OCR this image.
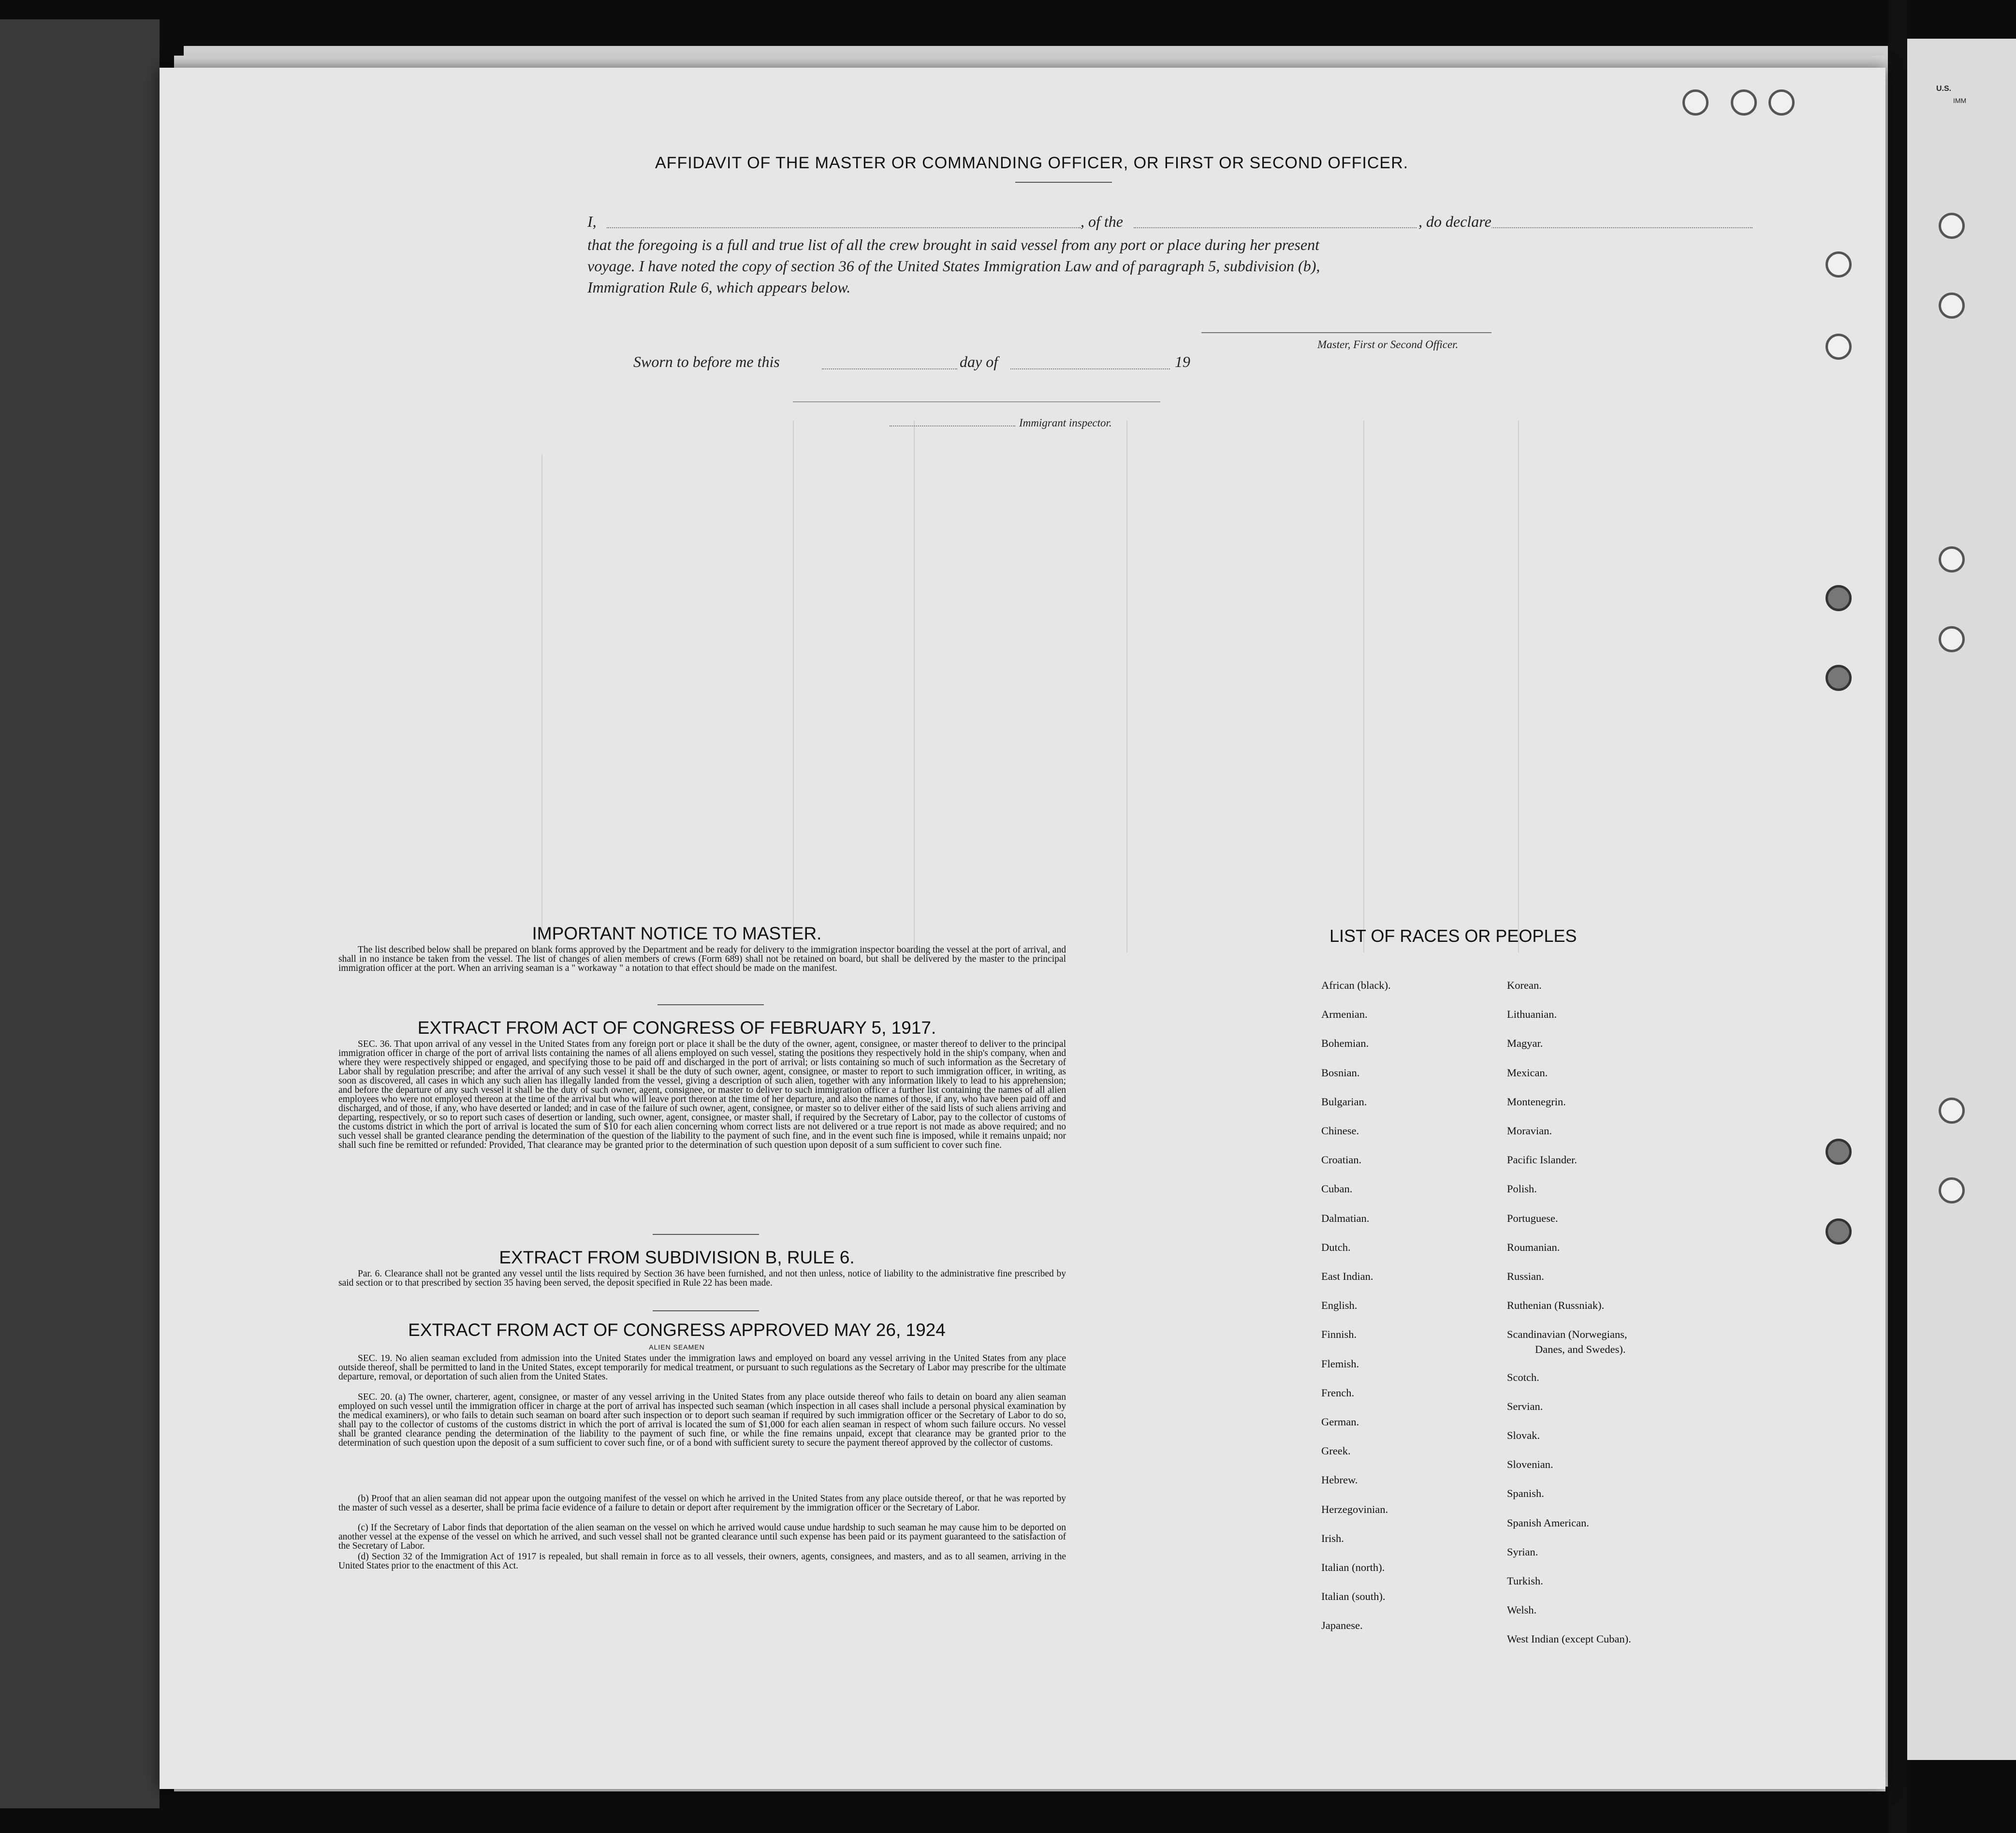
U.S.
IMM
AFFIDAVIT OF THE MASTER OR COMMANDING OFFICER, OR FIRST OR SECOND OFFICER.
I,	, of the	, do declare
that the foregoing is a full and true list of all the crew brought in said vessel from any port or place during her present
voyage. I have noted the copy of section 36 of the United States Immigration Law and of paragraph 5, subdivision (b),
Immigration Rule 6, which appears below.
Master, First or Second Officer.
Sworn to before me this	day of	19
Immigrant inspector.
IMPORTANT NOTICE TO MASTER.
The list described below shall be prepared on blank forms approved by the Department and be ready for delivery to the immigration inspector boarding the vessel at the port of arrival, and shall in no instance be taken from the vessel. The list of changes of alien members of crews (Form 689) shall not be retained on board, but shall be delivered by the master to the principal immigration officer at the port. When an arriving seaman is a " workaway " a notation to that effect should be made on the manifest.
EXTRACT FROM ACT OF CONGRESS OF FEBRUARY 5, 1917.
SEC. 36. That upon arrival of any vessel in the United States from any foreign port or place it shall be the duty of the owner, agent, consignee, or master thereof to deliver to the principal immigration officer in charge of the port of arrival lists containing the names of all aliens employed on such vessel, stating the positions they respectively hold in the ship's company, when and where they were respectively shipped or engaged, and specifying those to be paid off and discharged in the port of arrival; or lists containing so much of such information as the Secretary of Labor shall by regulation prescribe; and after the arrival of any such vessel it shall be the duty of such owner, agent, consignee, or master to report to such immigration officer, in writing, as soon as discovered, all cases in which any such alien has illegally landed from the vessel, giving a description of such alien, together with any information likely to lead to his apprehension; and before the departure of any such vessel it shall be the duty of such owner, agent, consignee, or master to deliver to such immigration officer a further list containing the names of all alien employees who were not employed thereon at the time of the arrival but who will leave port thereon at the time of her departure, and also the names of those, if any, who have been paid off and discharged, and of those, if any, who have deserted or landed; and in case of the failure of such owner, agent, consignee, or master so to deliver either of the said lists of such aliens arriving and departing, respectively, or so to report such cases of desertion or landing, such owner, agent, consignee, or master shall, if required by the Secretary of Labor, pay to the collector of customs of the customs district in which the port of arrival is located the sum of $10 for each alien concerning whom correct lists are not delivered or a true report is not made as above required; and no such vessel shall be granted clearance pending the determination of the question of the liability to the payment of such fine, and in the event such fine is imposed, while it remains unpaid; nor shall such fine be remitted or refunded: Provided, That clearance may be granted prior to the determination of such question upon deposit of a sum sufficient to cover such fine.
EXTRACT FROM SUBDIVISION B, RULE 6.
Par. 6. Clearance shall not be granted any vessel until the lists required by Section 36 have been furnished, and not then unless, notice of liability to the administrative fine prescribed by said section or to that prescribed by section 35 having been served, the deposit specified in Rule 22 has been made.
EXTRACT FROM ACT OF CONGRESS APPROVED MAY 26, 1924
ALIEN SEAMEN
SEC. 19. No alien seaman excluded from admission into the United States under the immigration laws and employed on board any vessel arriving in the United States from any place outside thereof, shall be permitted to land in the United States, except temporarily for medical treatment, or pursuant to such regulations as the Secretary of Labor may prescribe for the ultimate departure, removal, or deportation of such alien from the United States.
SEC. 20. (a) The owner, charterer, agent, consignee, or master of any vessel arriving in the United States from any place outside thereof who fails to detain on board any alien seaman employed on such vessel until the immigration officer in charge at the port of arrival has inspected such seaman (which inspection in all cases shall include a personal physical examination by the medical examiners), or who fails to detain such seaman on board after such inspection or to deport such seaman if required by such immigration officer or the Secretary of Labor to do so, shall pay to the collector of customs of the customs district in which the port of arrival is located the sum of $1,000 for each alien seaman in respect of whom such failure occurs. No vessel shall be granted clearance pending the determination of the liability to the payment of such fine, or while the fine remains unpaid, except that clearance may be granted prior to the determination of such question upon the deposit of a sum sufficient to cover such fine, or of a bond with sufficient surety to secure the payment thereof approved by the collector of customs.
(b) Proof that an alien seaman did not appear upon the outgoing manifest of the vessel on which he arrived in the United States from any place outside thereof, or that he was reported by the master of such vessel as a deserter, shall be prima facie evidence of a failure to detain or deport after requirement by the immigration officer or the Secretary of Labor.
(c) If the Secretary of Labor finds that deportation of the alien seaman on the vessel on which he arrived would cause undue hardship to such seaman he may cause him to be deported on another vessel at the expense of the vessel on which he arrived, and such vessel shall not be granted clearance until such expense has been paid or its payment guaranteed to the satisfaction of the Secretary of Labor.
(d) Section 32 of the Immigration Act of 1917 is repealed, but shall remain in force as to all vessels, their owners, agents, consignees, and masters, and as to all seamen, arriving in the United States prior to the enactment of this Act.
LIST OF RACES OR PEOPLES
African (black).
Armenian.
Bohemian.
Bosnian.
Bulgarian.
Chinese.
Croatian.
Cuban.
Dalmatian.
Dutch.
East Indian.
English.
Finnish.
Flemish.
French.
German.
Greek.
Hebrew.
Herzegovinian.
Irish.
Italian (north).
Italian (south).
Japanese.
Korean.
Lithuanian.
Magyar.
Mexican.
Montenegrin.
Moravian.
Pacific Islander.
Polish.
Portuguese.
Roumanian.
Russian.
Ruthenian (Russniak).
Scandinavian (Norwegians,
Scotch.
Servian.
Slovak.
Slovenian.
Spanish.
Spanish American.
Syrian.
Turkish.
Welsh.
West Indian (except Cuban).
Danes, and Swedes).
